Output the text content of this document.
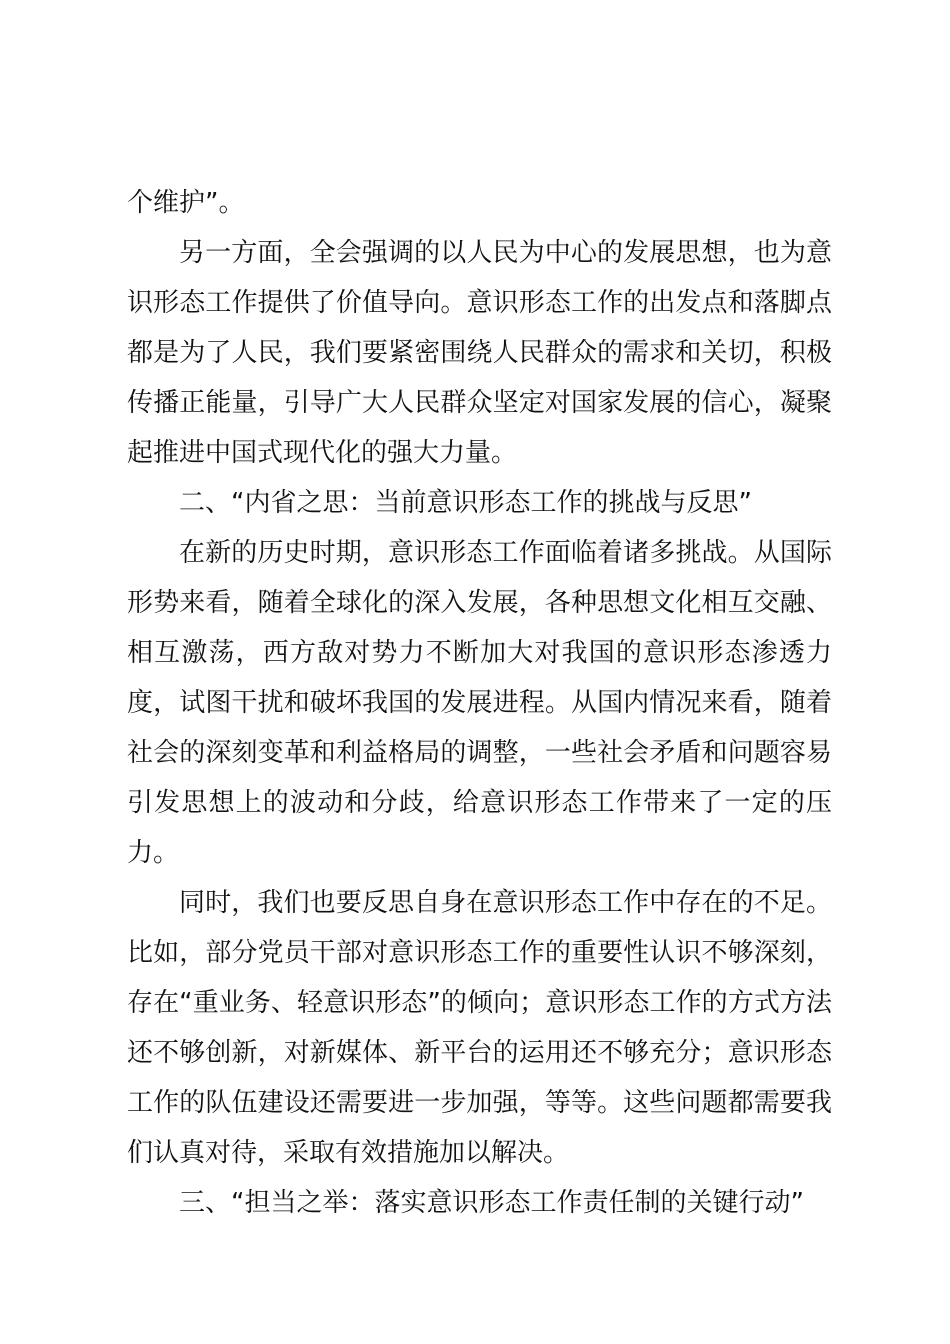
个维护”。

另一方面，全会强调的以人民为中心的发展思想，也为意识形态工作提供了价值导向。意识形态工作的出发点和落脚点都是为了人民，我们要紧密围绕人民群众的需求和关切，积极传播正能量，引导广大人民群众坚定对国家发展的信心，凝聚起推进中国式现代化的强大力量。

二、“内省之思：当前意识形态工作的挑战与反思”

在新的历史时期，意识形态工作面临着诸多挑战。从国际形势来看，随着全球化的深入发展，各种思想文化相互交融、相互激荡，西方敌对势力不断加大对我国的意识形态渗透力度，试图干扰和破坏我国的发展进程。从国内情况来看，随着社会的深刻变革和利益格局的调整，一些社会矛盾和问题容易引发思想上的波动和分歧，给意识形态工作带来了一定的压力。

同时，我们也要反思自身在意识形态工作中存在的不足。比如，部分党员干部对意识形态工作的重要性认识不够深刻，存在“重业务、轻意识形态”的倾向；意识形态工作的方式方法还不够创新，对新媒体、新平台的运用还不够充分；意识形态工作的队伍建设还需要进一步加强，等等。这些问题都需要我们认真对待，采取有效措施加以解决。

三、“担当之举：落实意识形态工作责任制的关键行动”
